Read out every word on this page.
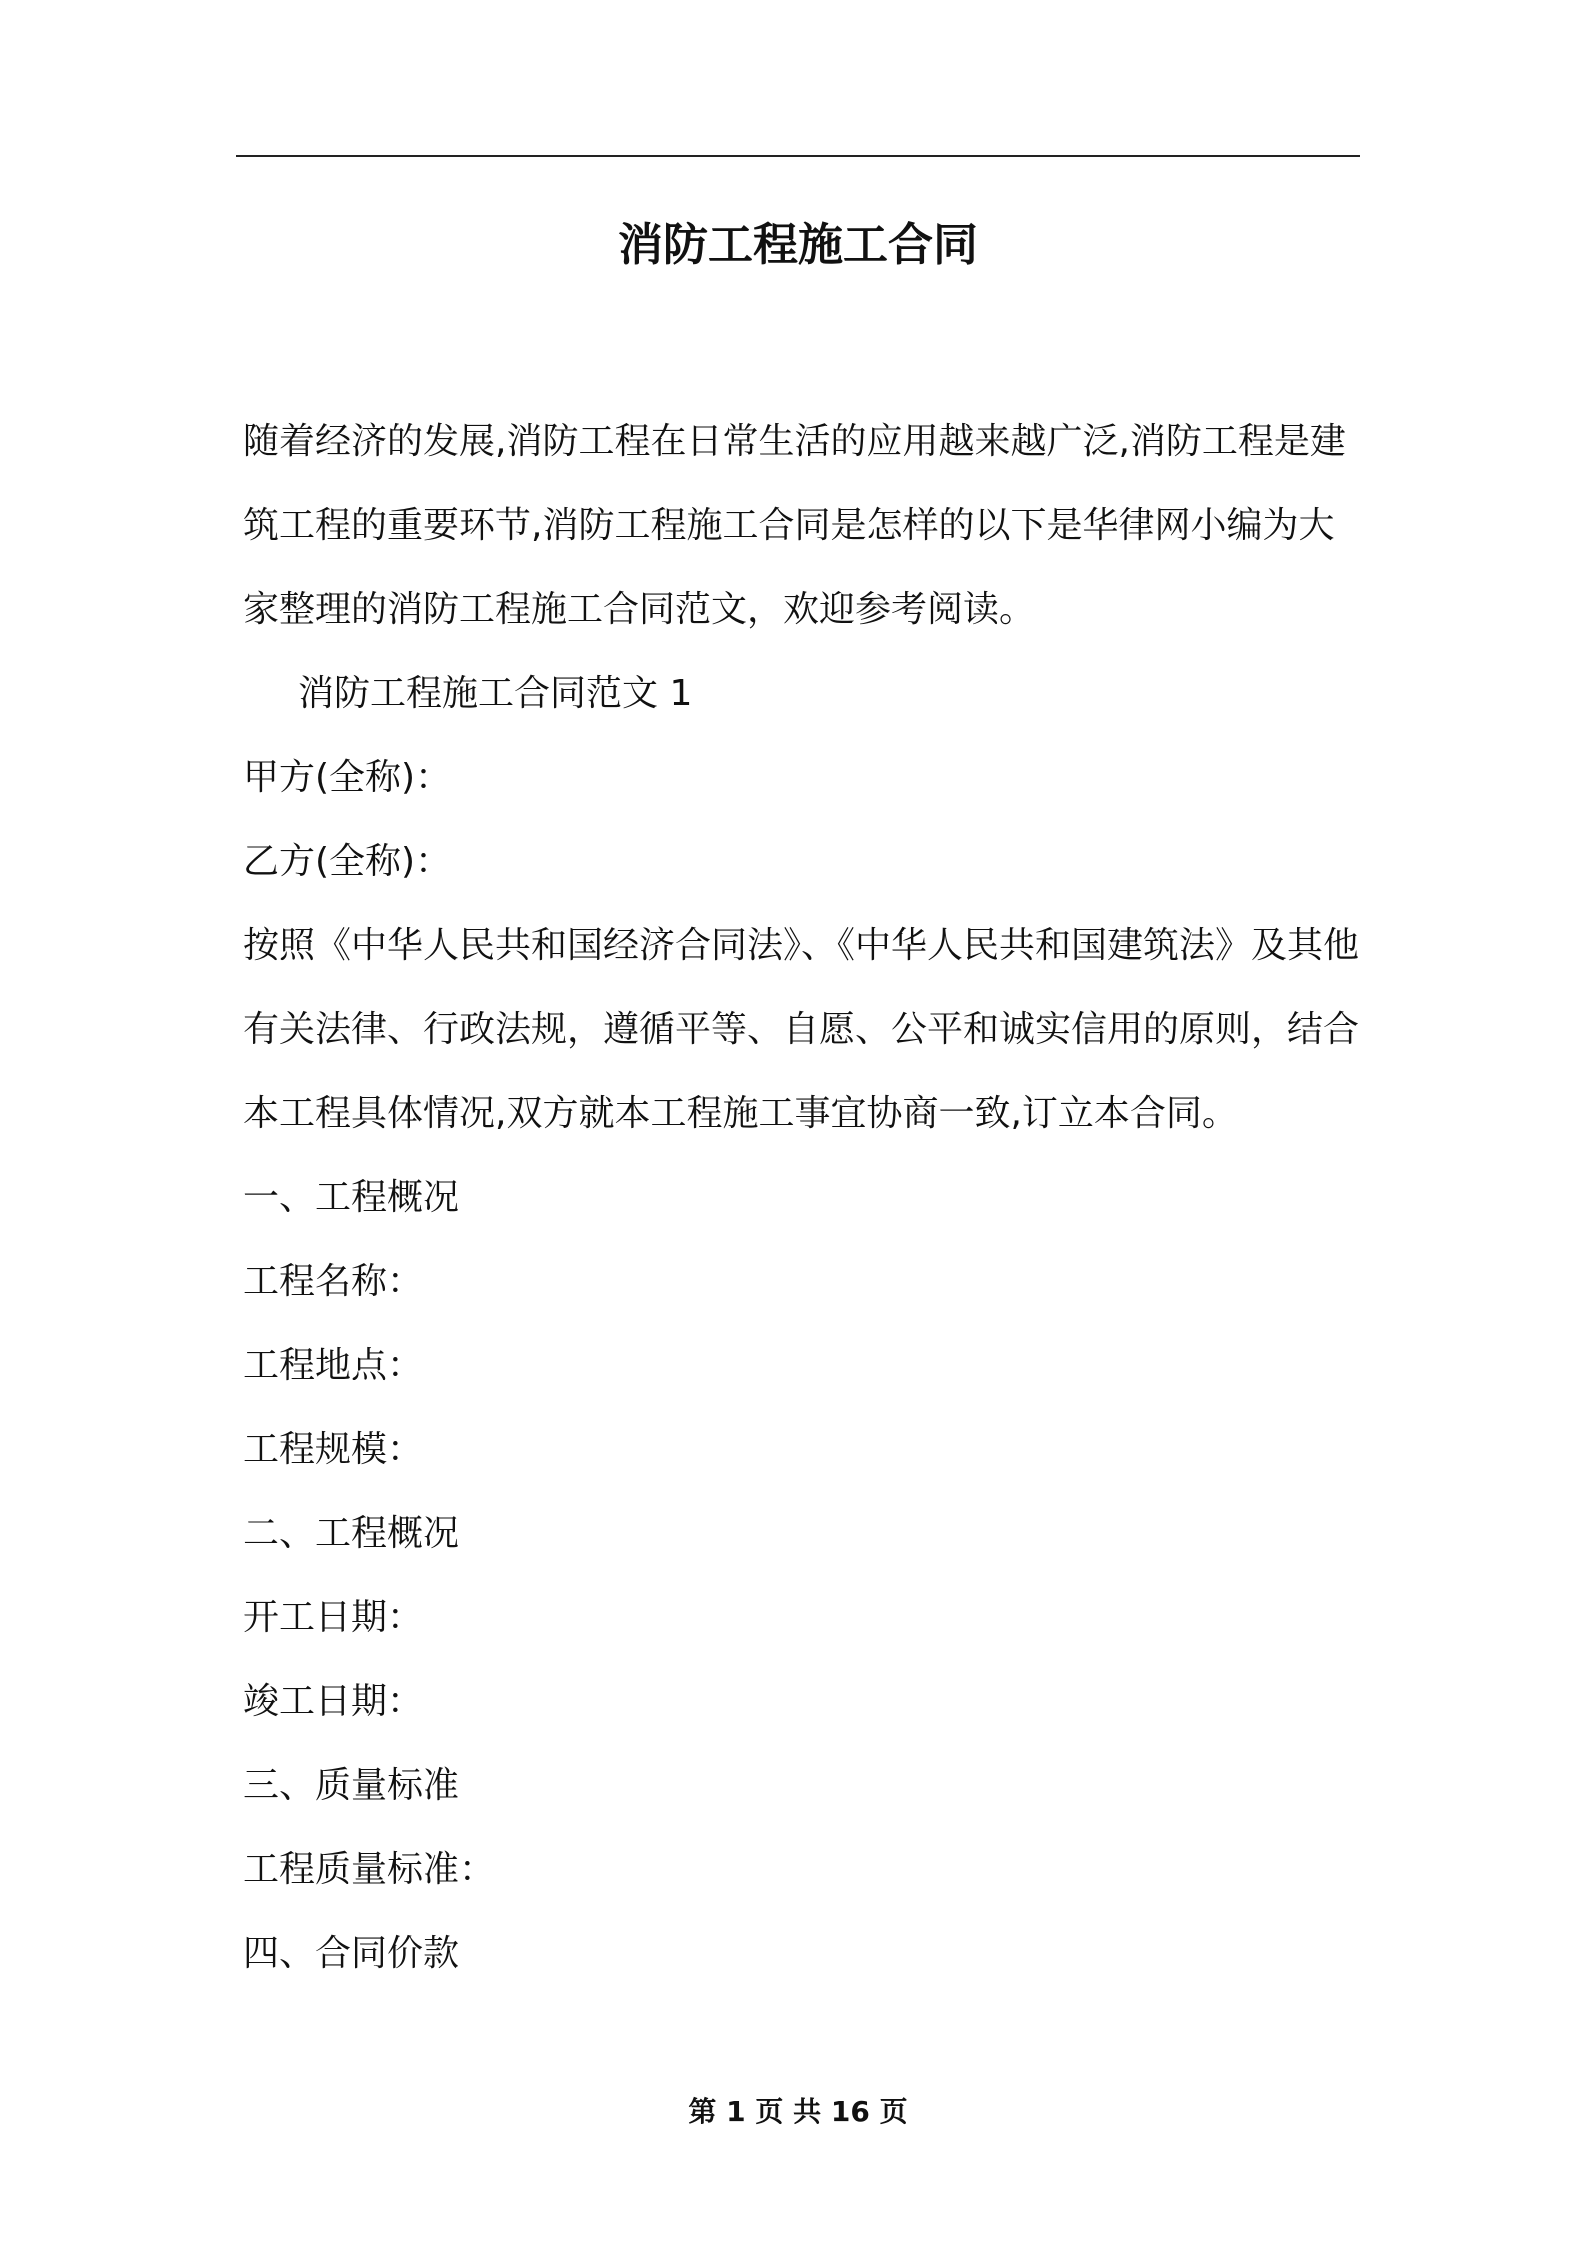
消防工程施工合同

随着经济的发展,消防工程在日常生活的应用越来越广泛,消防工程是建筑工程的重要环节,消防工程施工合同是怎样的以下是华律网小编为大家整理的消防工程施工合同范文，欢迎参考阅读。

消防工程施工合同范文 1

甲方(全称)：

乙方(全称)：

按照《中华人民共和国经济合同法》、《中华人民共和国建筑法》及其他有关法律、行政法规，遵循平等、自愿、公平和诚实信用的原则，结合本工程具体情况,双方就本工程施工事宜协商一致,订立本合同。

一、工程概况

工程名称：

工程地点：

工程规模：

二、工程概况

开工日期：

竣工日期：

三、质量标准

工程质量标准：

四、合同价款

第 1 页 共 16 页
